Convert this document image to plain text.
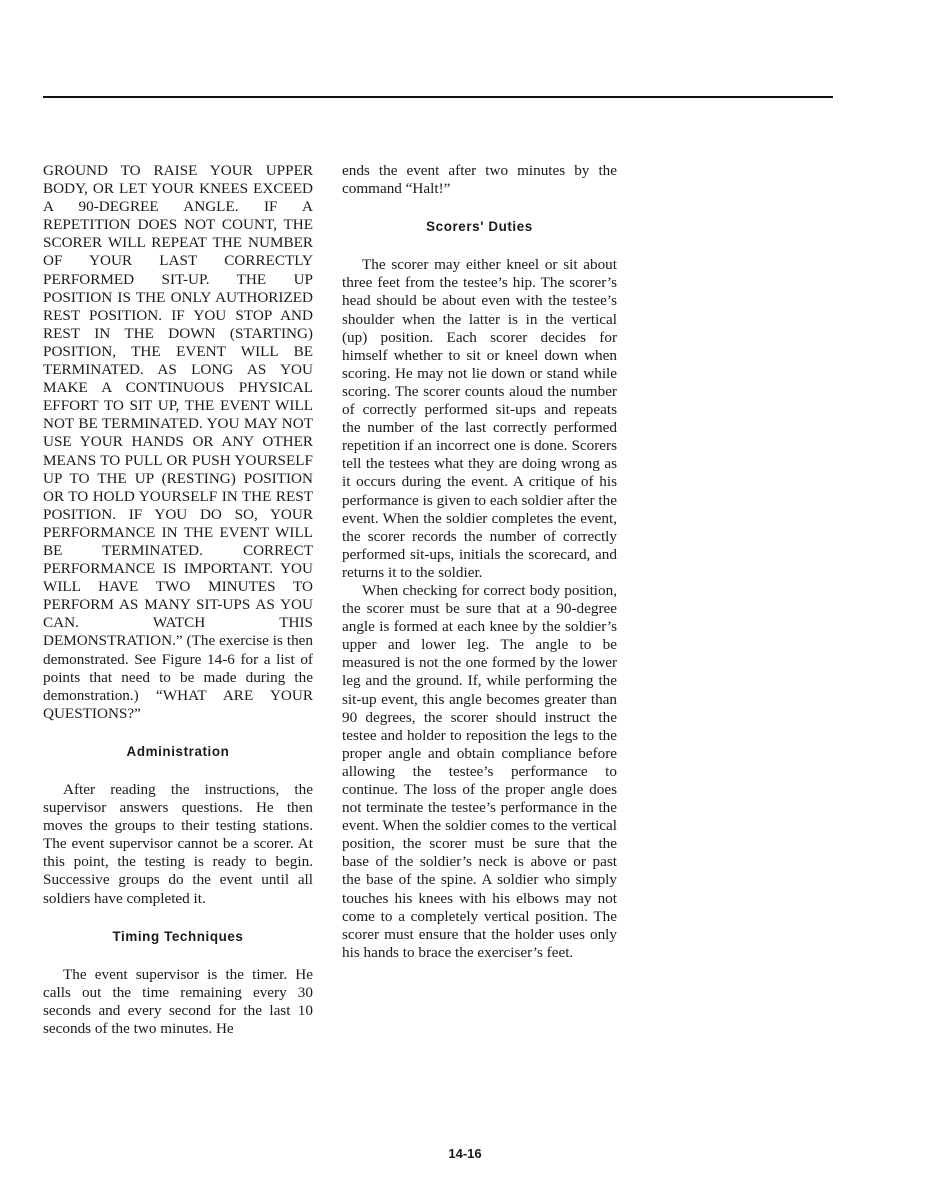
GROUND TO RAISE YOUR UPPER BODY, OR LET YOUR KNEES EXCEED A 90-DEGREE ANGLE. IF A REPETITION DOES NOT COUNT, THE SCORER WILL REPEAT THE NUMBER OF YOUR LAST CORRECTLY PERFORMED SIT-UP. THE UP POSITION IS THE ONLY AUTHORIZED REST POSITION. IF YOU STOP AND REST IN THE DOWN (STARTING) POSITION, THE EVENT WILL BE TERMINATED. AS LONG AS YOU MAKE A CONTINUOUS PHYSICAL EFFORT TO SIT UP, THE EVENT WILL NOT BE TERMINATED. YOU MAY NOT USE YOUR HANDS OR ANY OTHER MEANS TO PULL OR PUSH YOURSELF UP TO THE UP (RESTING) POSITION OR TO HOLD YOURSELF IN THE REST POSITION. IF YOU DO SO, YOUR PERFORMANCE IN THE EVENT WILL BE TERMINATED. CORRECT PERFORMANCE IS IMPORTANT. YOU WILL HAVE TWO MINUTES TO PERFORM AS MANY SIT-UPS AS YOU CAN. WATCH THIS DEMONSTRATION.” (The exercise is then demonstrated. See Figure 14-6 for a list of points that need to be made during the demonstration.) “WHAT ARE YOUR QUESTIONS?”

Administration

After reading the instructions, the supervisor answers questions. He then moves the groups to their testing stations. The event supervisor cannot be a scorer. At this point, the testing is ready to begin. Successive groups do the event until all soldiers have completed it.

Timing Techniques

The event supervisor is the timer. He calls out the time remaining every 30 seconds and every second for the last 10 seconds of the two minutes. He

ends the event after two minutes by the command “Halt!”

Scorers' Duties

The scorer may either kneel or sit about three feet from the testee’s hip. The scorer’s head should be about even with the testee’s shoulder when the latter is in the vertical (up) position. Each scorer decides for himself whether to sit or kneel down when scoring. He may not lie down or stand while scoring. The scorer counts aloud the number of correctly performed sit-ups and repeats the number of the last correctly performed repetition if an incorrect one is done. Scorers tell the testees what they are doing wrong as it occurs during the event. A critique of his performance is given to each soldier after the event. When the soldier completes the event, the scorer records the number of correctly performed sit-ups, initials the scorecard, and returns it to the soldier.

When checking for correct body position, the scorer must be sure that at a 90-degree angle is formed at each knee by the soldier’s upper and lower leg. The angle to be measured is not the one formed by the lower leg and the ground. If, while performing the sit-up event, this angle becomes greater than 90 degrees, the scorer should instruct the testee and holder to reposition the legs to the proper angle and obtain compliance before allowing the testee’s performance to continue. The loss of the proper angle does not terminate the testee’s performance in the event. When the soldier comes to the vertical position, the scorer must be sure that the base of the soldier’s neck is above or past the base of the spine. A soldier who simply touches his knees with his elbows may not come to a completely vertical position. The scorer must ensure that the holder uses only his hands to brace the exerciser’s feet.

14-16
